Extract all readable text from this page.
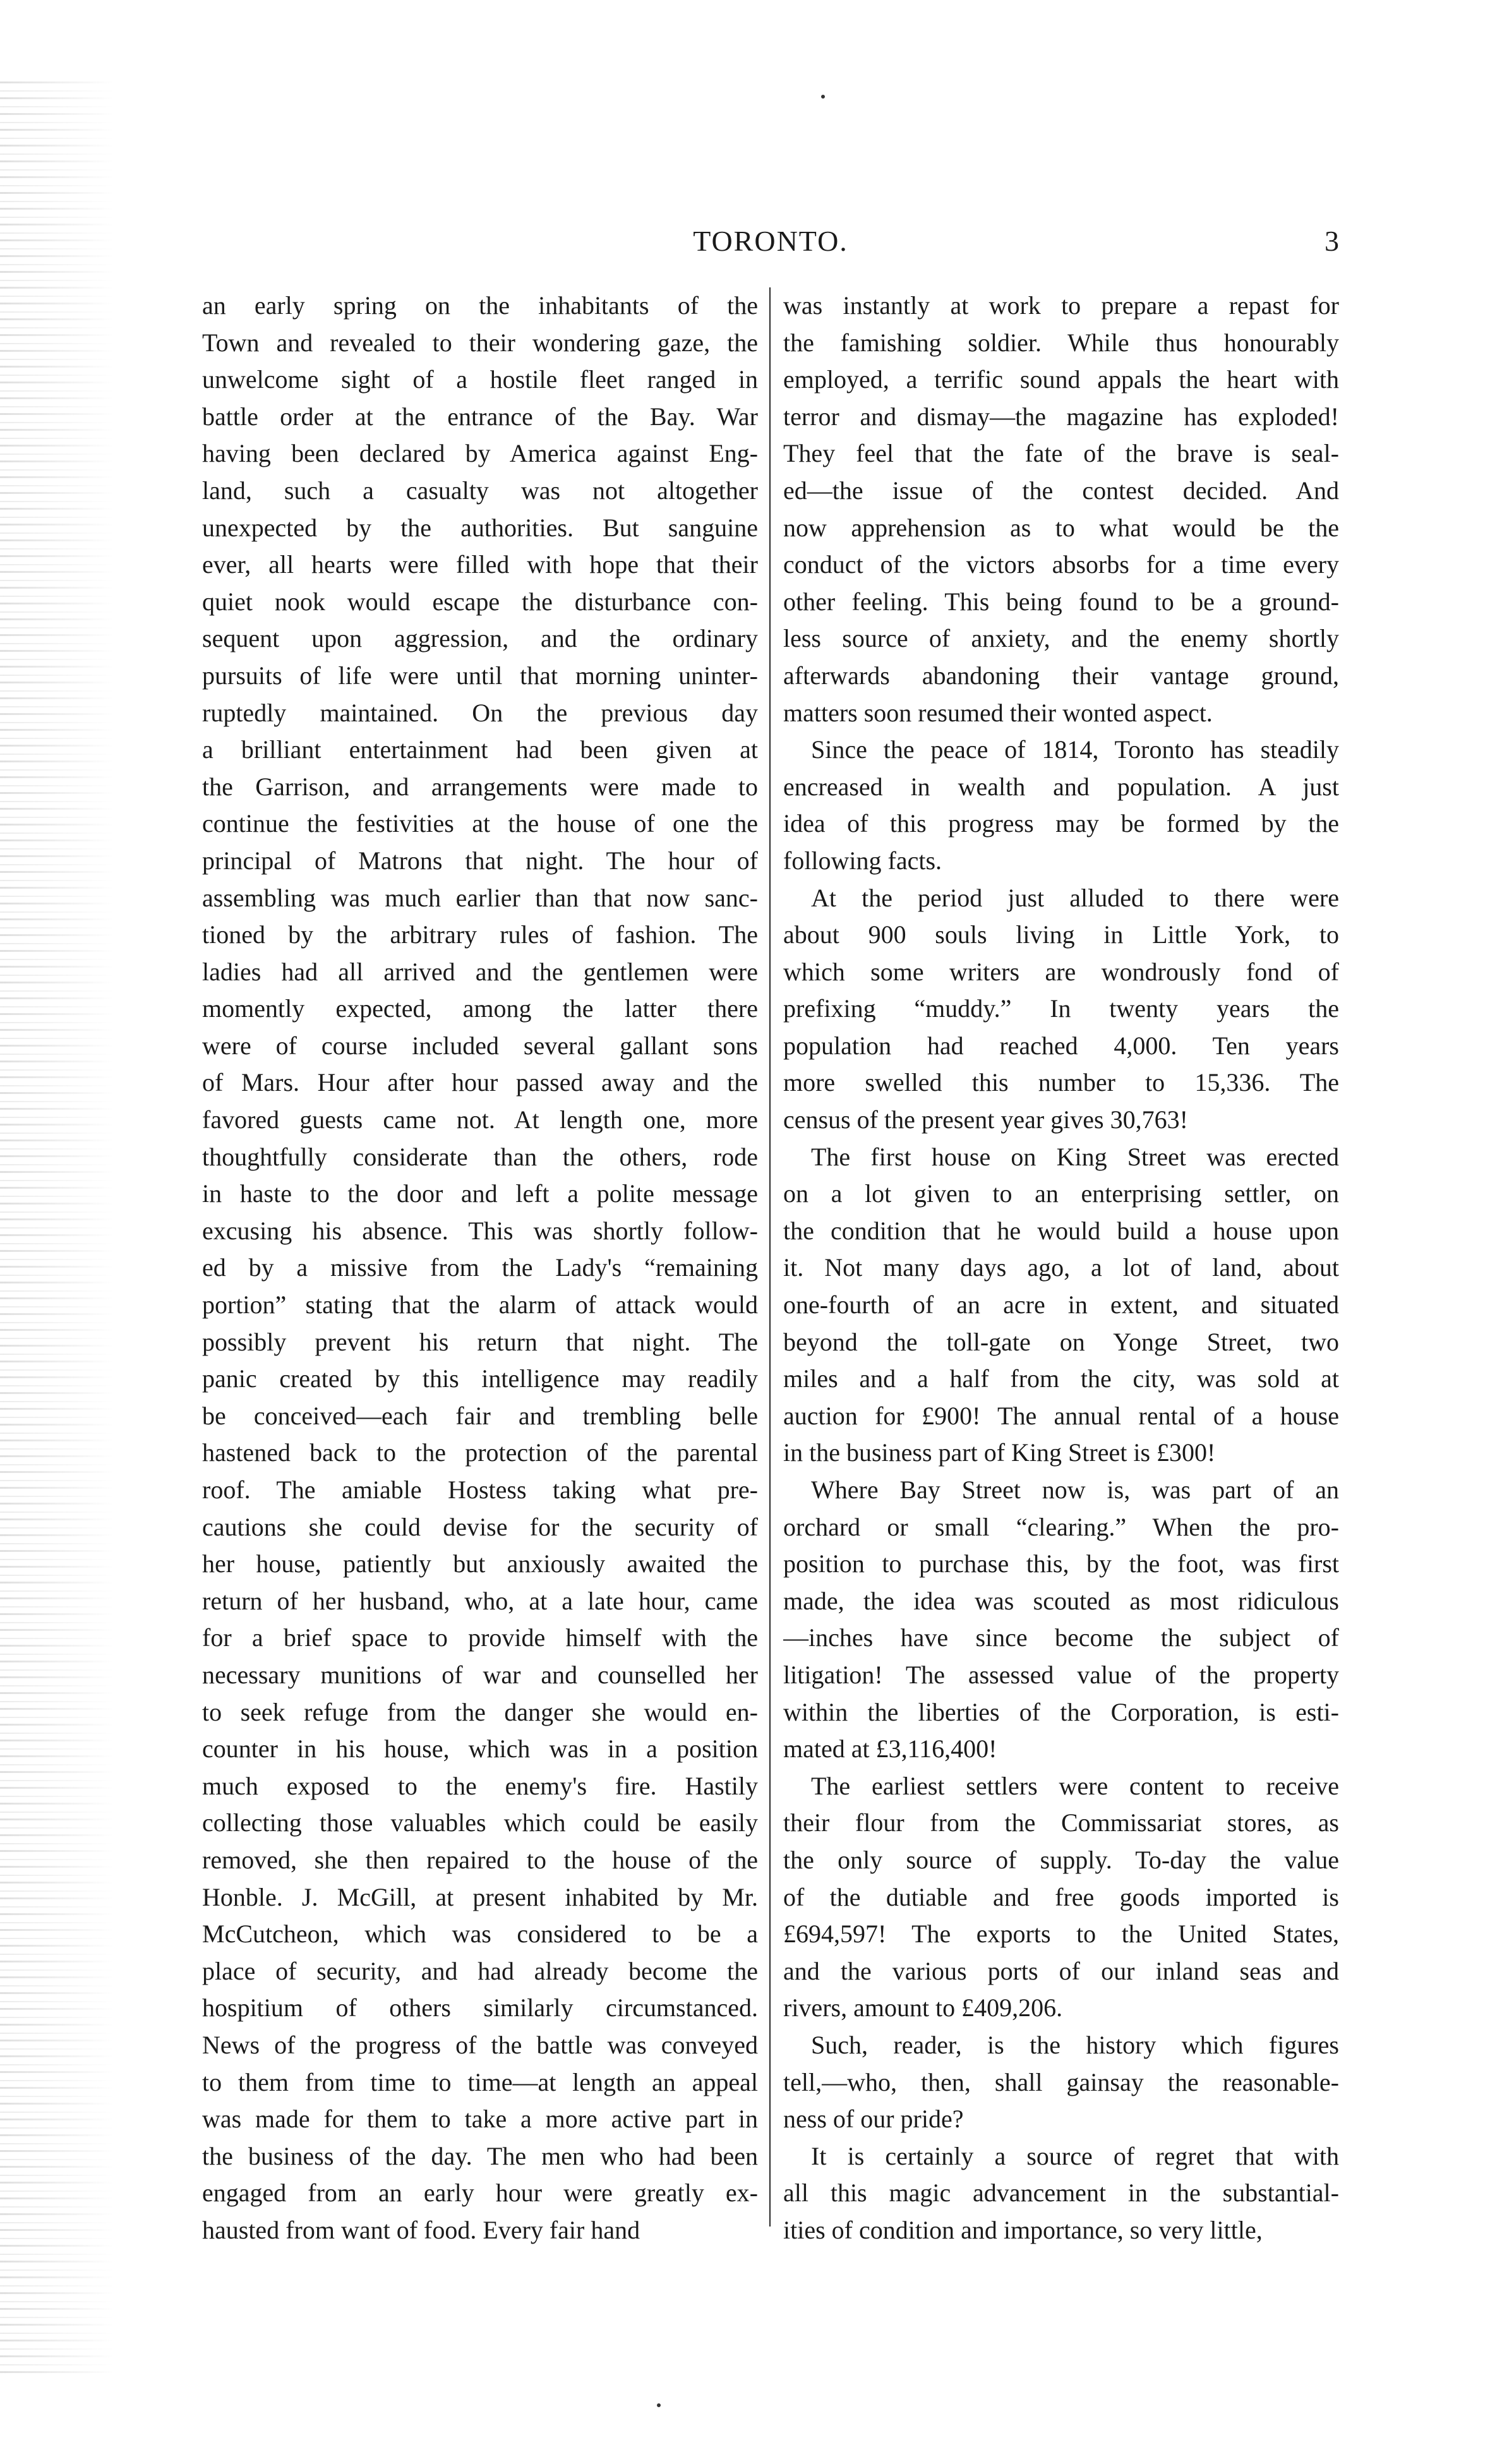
TORONTO.	3
an early spring on the inhabitants of the
Town and revealed to their wondering gaze, the
unwelcome sight of a hostile fleet ranged in
battle order at the entrance of the Bay. War
having been declared by America against Eng-
land, such a casualty was not altogether
unexpected by the authorities. But sanguine
ever, all hearts were filled with hope that their
quiet nook would escape the disturbance con-
sequent upon aggression, and the ordinary
pursuits of life were until that morning uninter-
ruptedly maintained. On the previous day
a brilliant entertainment had been given at
the Garrison, and arrangements were made to
continue the festivities at the house of one the
principal of Matrons that night. The hour of
assembling was much earlier than that now sanc-
tioned by the arbitrary rules of fashion. The
ladies had all arrived and the gentlemen were
momently expected, among the latter there
were of course included several gallant sons
of Mars. Hour after hour passed away and the
favored guests came not. At length one, more
thoughtfully considerate than the others, rode
in haste to the door and left a polite message
excusing his absence. This was shortly follow-
ed by a missive from the Lady's “remaining
portion” stating that the alarm of attack would
possibly prevent his return that night. The
panic created by this intelligence may readily
be conceived—each fair and trembling belle
hastened back to the protection of the parental
roof. The amiable Hostess taking what pre-
cautions she could devise for the security of
her house, patiently but anxiously awaited the
return of her husband, who, at a late hour, came
for a brief space to provide himself with the
necessary munitions of war and counselled her
to seek refuge from the danger she would en-
counter in his house, which was in a position
much exposed to the enemy's fire. Hastily
collecting those valuables which could be easily
removed, she then repaired to the house of the
Honble. J. McGill, at present inhabited by Mr.
McCutcheon, which was considered to be a
place of security, and had already become the
hospitium of others similarly circumstanced.
News of the progress of the battle was conveyed
to them from time to time—at length an appeal
was made for them to take a more active part in
the business of the day. The men who had been
engaged from an early hour were greatly ex-
hausted from want of food. Every fair hand
was instantly at work to prepare a repast for
the famishing soldier. While thus honourably
employed, a terrific sound appals the heart with
terror and dismay—the magazine has exploded!
They feel that the fate of the brave is seal-
ed—the issue of the contest decided. And
now apprehension as to what would be the
conduct of the victors absorbs for a time every
other feeling. This being found to be a ground-
less source of anxiety, and the enemy shortly
afterwards abandoning their vantage ground,
matters soon resumed their wonted aspect.
Since the peace of 1814, Toronto has steadily
encreased in wealth and population. A just
idea of this progress may be formed by the
following facts.
At the period just alluded to there were
about 900 souls living in Little York, to
which some writers are wondrously fond of
prefixing “muddy.” In twenty years the
population had reached 4,000. Ten years
more swelled this number to 15,336. The
census of the present year gives 30,763!
The first house on King Street was erected
on a lot given to an enterprising settler, on
the condition that he would build a house upon
it. Not many days ago, a lot of land, about
one-fourth of an acre in extent, and situated
beyond the toll-gate on Yonge Street, two
miles and a half from the city, was sold at
auction for £900! The annual rental of a house
in the business part of King Street is £300!
Where Bay Street now is, was part of an
orchard or small “clearing.” When the pro-
position to purchase this, by the foot, was first
made, the idea was scouted as most ridiculous
—inches have since become the subject of
litigation! The assessed value of the property
within the liberties of the Corporation, is esti-
mated at £3,116,400!
The earliest settlers were content to receive
their flour from the Commissariat stores, as
the only source of supply. To-day the value
of the dutiable and free goods imported is
£694,597! The exports to the United States,
and the various ports of our inland seas and
rivers, amount to £409,206.
Such, reader, is the history which figures
tell,—who, then, shall gainsay the reasonable-
ness of our pride?
It is certainly a source of regret that with
all this magic advancement in the substantial-
ities of condition and importance, so very little,
